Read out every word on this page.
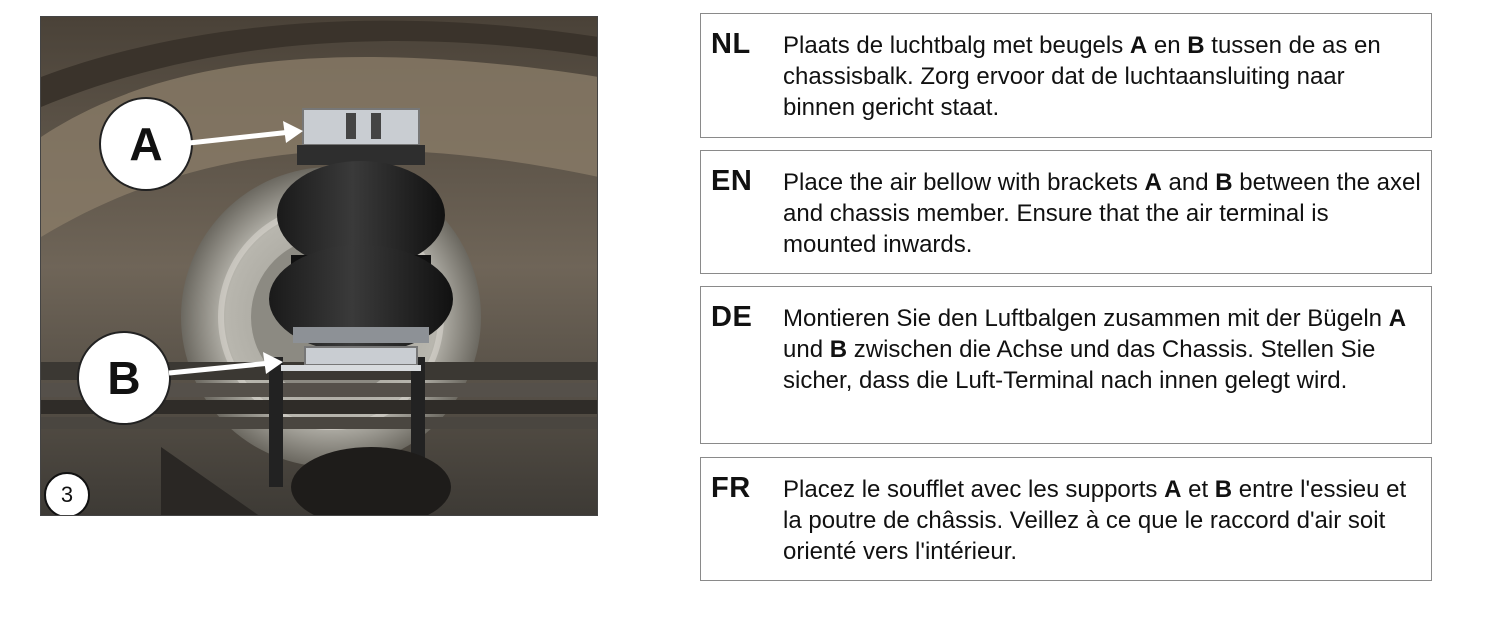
A
B
3
NL Plaats de luchtbalg met beugels A en B tussen de as en chassisbalk. Zorg ervoor dat de luchtaansluiting naar binnen gericht staat.
EN Place the air bellow with brackets A and B between the axel and chassis member. Ensure that the air terminal is mounted inwards.
DE Montieren Sie den Luftbalgen zusammen mit der Bügeln A und B zwischen die Achse und das Chassis. Stellen Sie sicher, dass die Luft-Terminal nach innen gelegt wird.
FR Placez le soufflet avec les supports A et B entre l'essieu et la poutre de châssis. Veillez à ce que le raccord d'air soit orienté vers l'intérieur.
